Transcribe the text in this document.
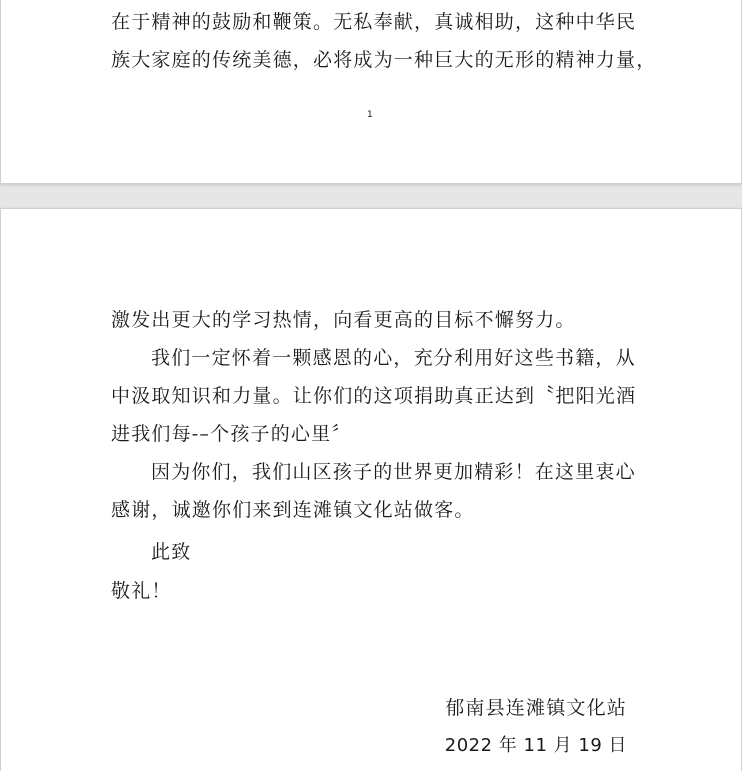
在于精神的鼓励和鞭策。无私奉献，真诚相助，这种中华民
族大家庭的传统美德，必将成为一种巨大的无形的精神力量，
1
激发出更大的学习热情，向看更高的目标不懈努力。
我们一定怀着一颗感恩的心，充分利用好这些书籍，从
中汲取知识和力量。让你们的这项捐助真正达到〝把阳光酒
进我们每-–个孩子的心里〞
因为你们，我们山区孩子的世界更加精彩！在这里衷心
感谢，诚邀你们来到连滩镇文化站做客。
此致
敬礼！
郁南县连滩镇文化站
2022 年 11 月 19 日
